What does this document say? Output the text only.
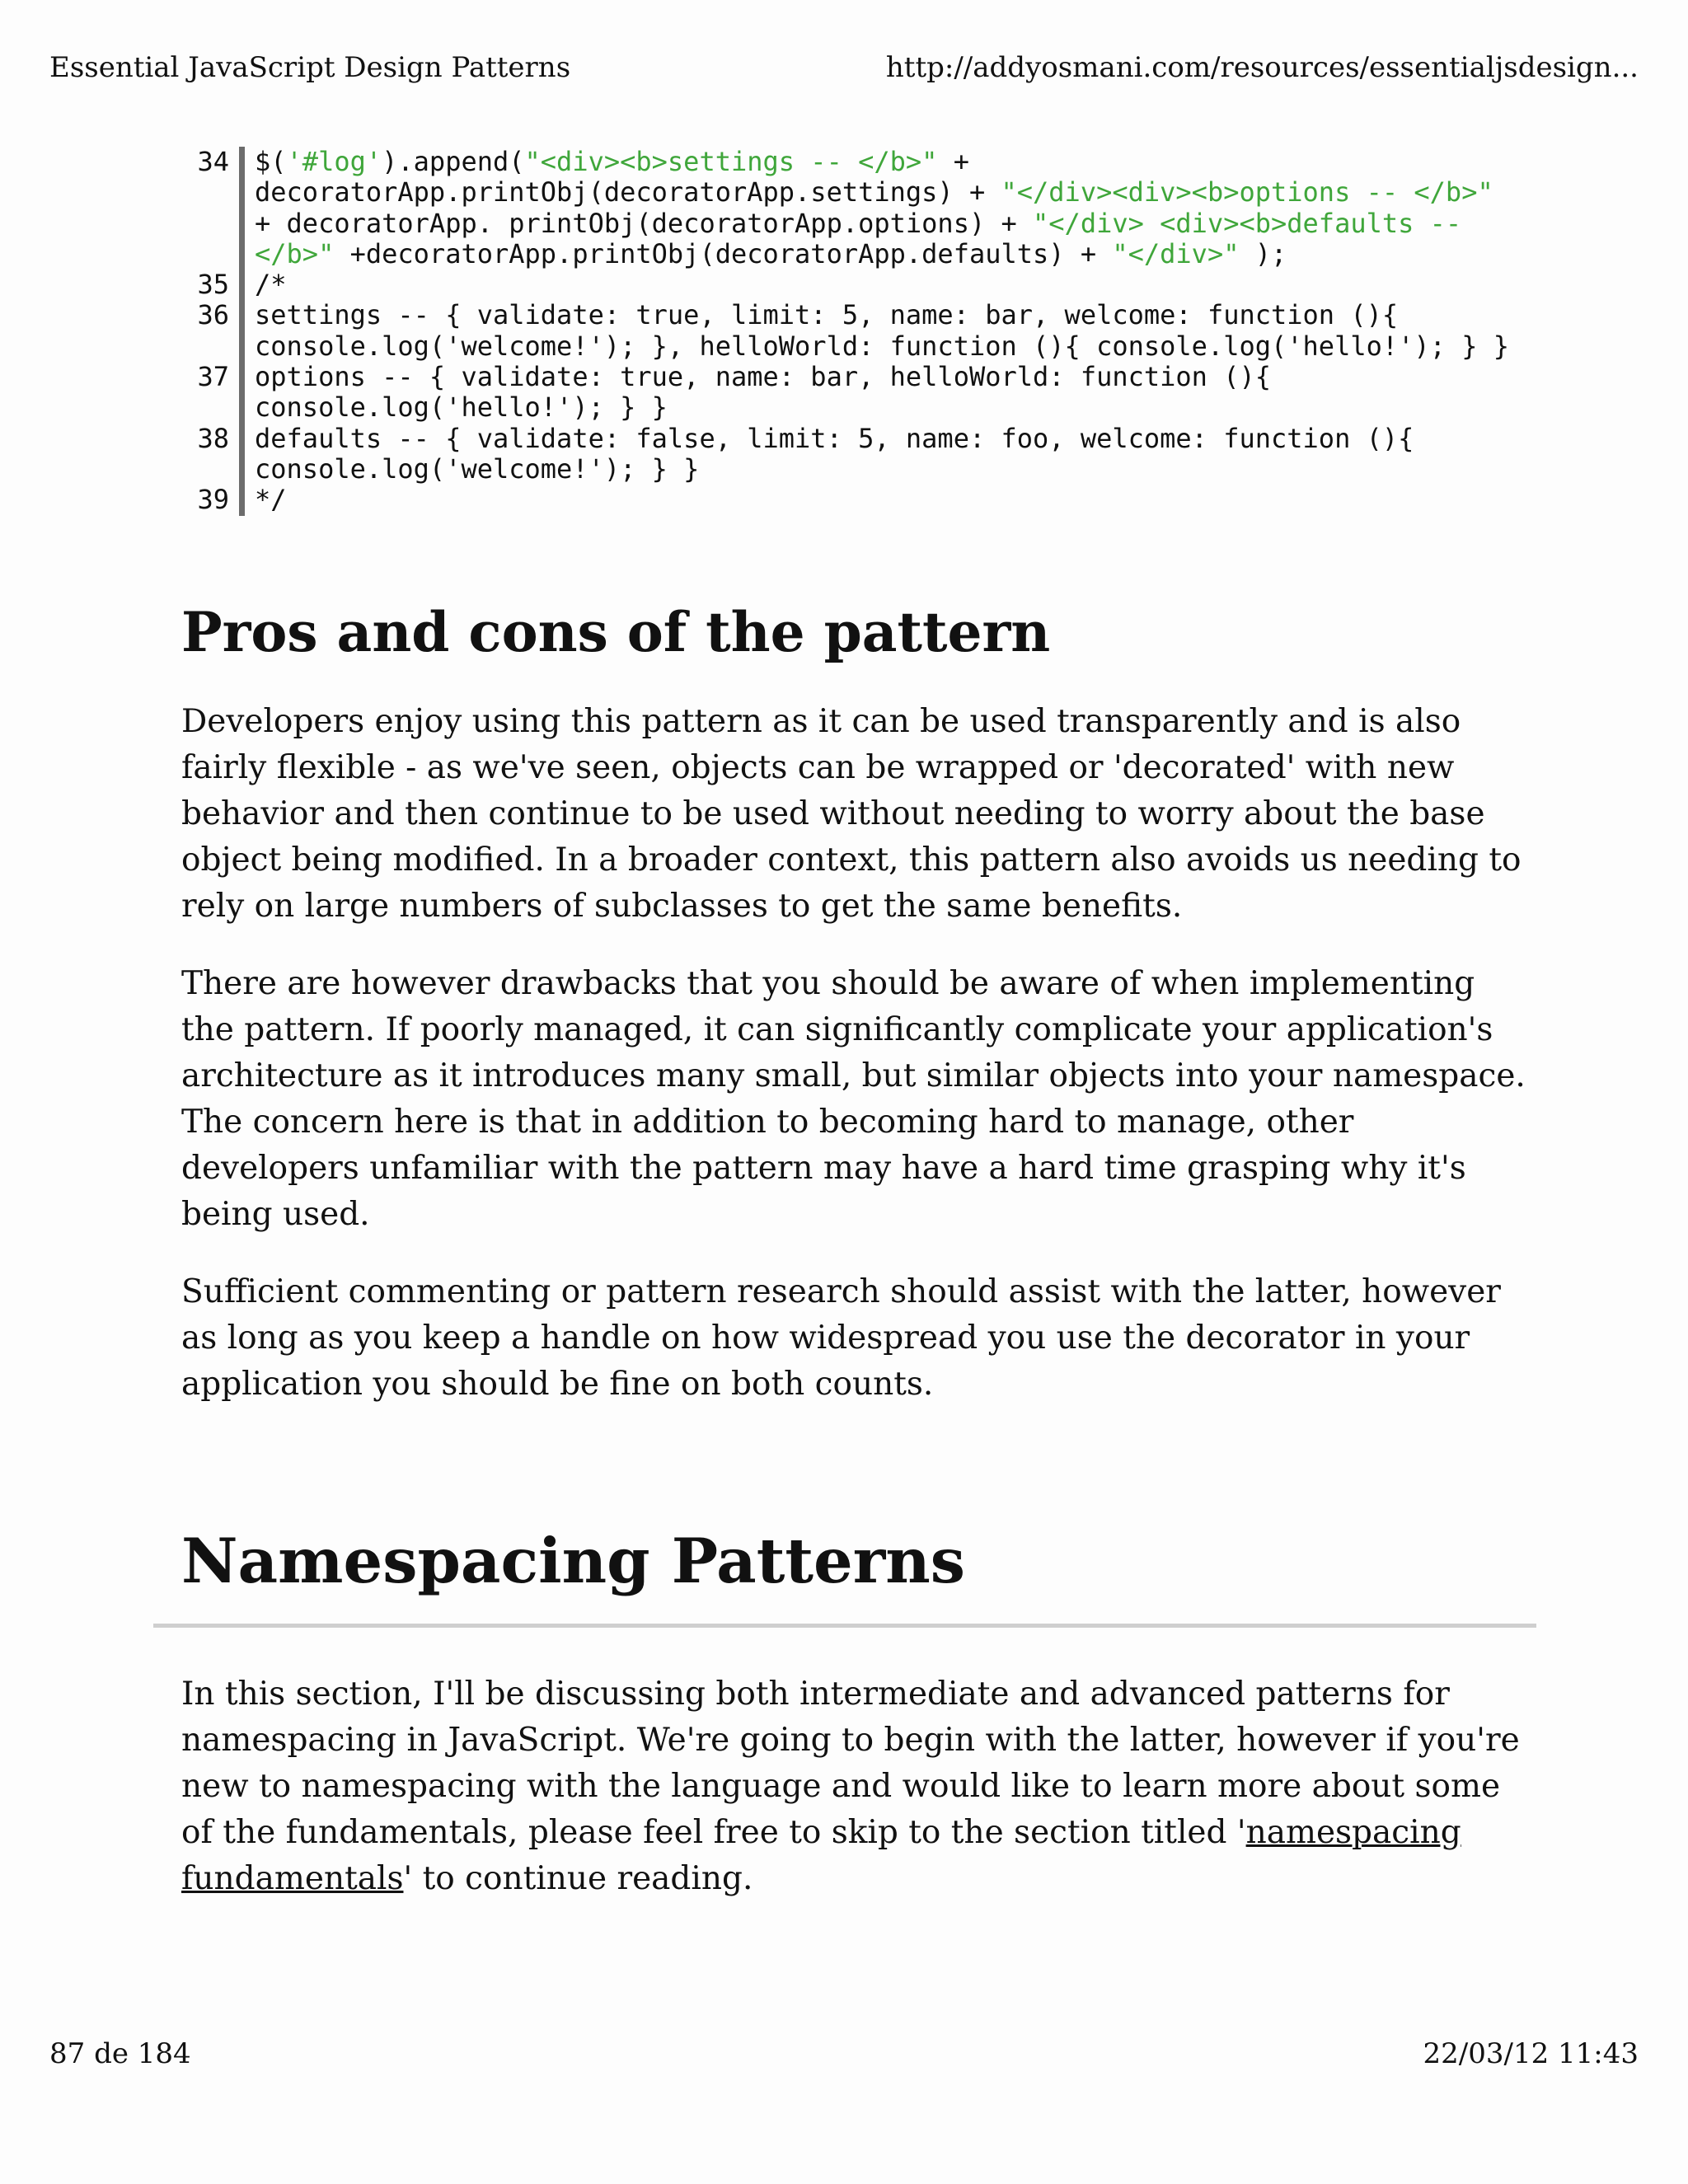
Essential JavaScript Design Patterns	http://addyosmani.com/resources/essentialjsdesign...
34 $('#log').append("<div><b>settings -- </b>" + decoratorApp.printObj(decoratorApp.settings) + "</div><div><b>options -- </b>" + decoratorApp. printObj(decoratorApp.options) + "</div> <div><b>defaults -- </b>" +decoratorApp.printObj(decoratorApp.defaults) + "</div>" );
35 /*
36 settings -- { validate: true, limit: 5, name: bar, welcome: function (){ console.log('welcome!'); }, helloWorld: function (){ console.log('hello!'); } }
37 options -- { validate: true, name: bar, helloWorld: function (){ console.log('hello!'); } }
38 defaults -- { validate: false, limit: 5, name: foo, welcome: function (){ console.log('welcome!'); } }
39 */
Pros and cons of the pattern

Developers enjoy using this pattern as it can be used transparently and is also fairly flexible - as we've seen, objects can be wrapped or 'decorated' with new behavior and then continue to be used without needing to worry about the base object being modified. In a broader context, this pattern also avoids us needing to rely on large numbers of subclasses to get the same benefits.

There are however drawbacks that you should be aware of when implementing the pattern. If poorly managed, it can significantly complicate your application's architecture as it introduces many small, but similar objects into your namespace. The concern here is that in addition to becoming hard to manage, other developers unfamiliar with the pattern may have a hard time grasping why it's being used.

Sufficient commenting or pattern research should assist with the latter, however as long as you keep a handle on how widespread you use the decorator in your application you should be fine on both counts.

Namespacing Patterns

In this section, I'll be discussing both intermediate and advanced patterns for namespacing in JavaScript. We're going to begin with the latter, however if you're new to namespacing with the language and would like to learn more about some of the fundamentals, please feel free to skip to the section titled 'namespacing fundamentals' to continue reading.

87 de 184	22/03/12 11:43
